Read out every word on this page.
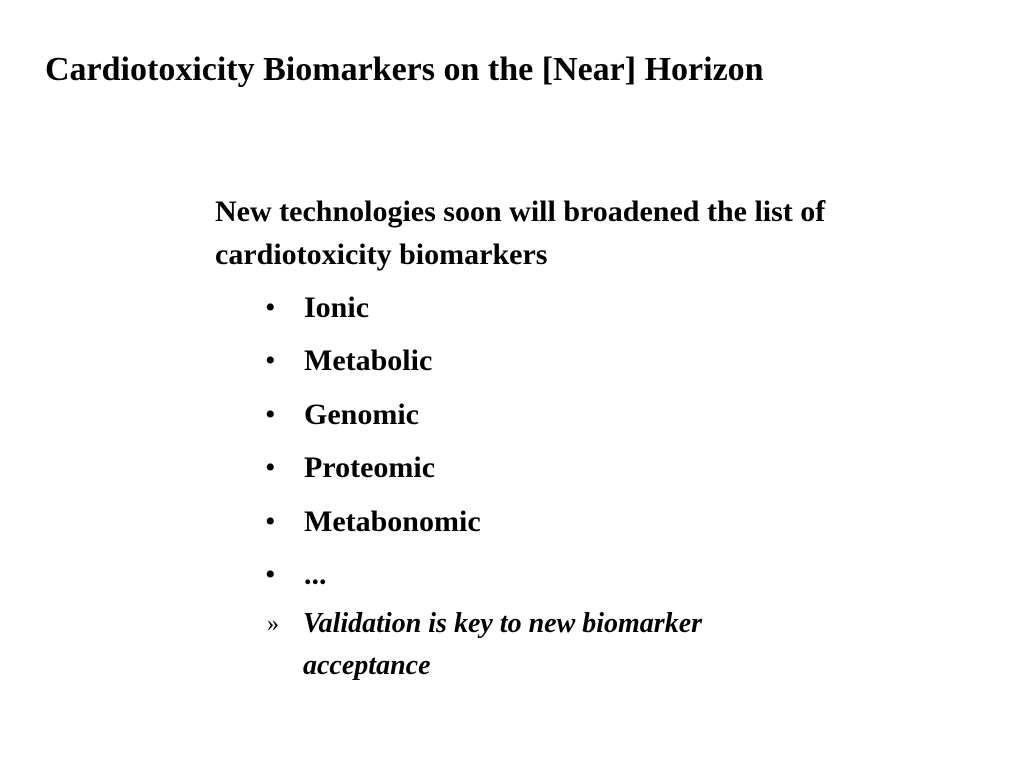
Cardiotoxicity Biomarkers on the [Near] Horizon

New technologies soon will broadened the list of cardiotoxicity biomarkers

• Ionic
• Metabolic
• Genomic
• Proteomic
• Metabonomic
• ...
» Validation is key to new biomarker acceptance
